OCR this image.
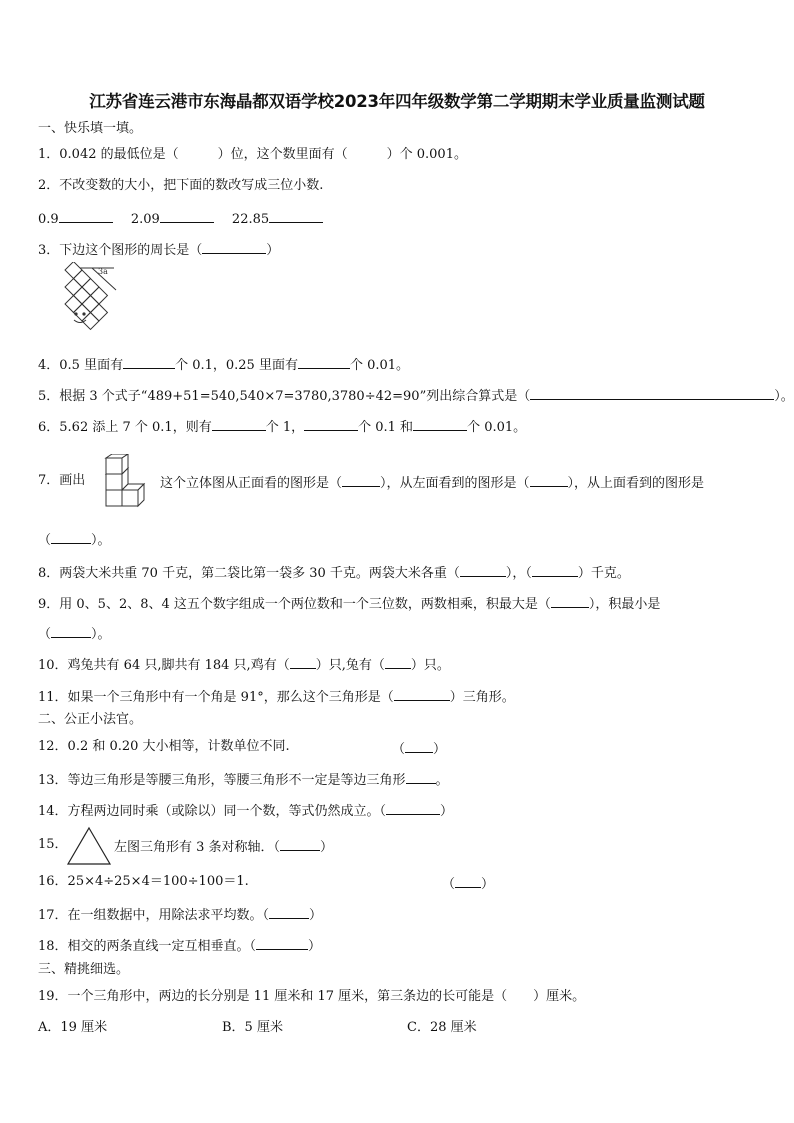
江苏省连云港市东海晶都双语学校2023年四年级数学第二学期期末学业质量监测试题
一、快乐填一填。
1．0.042 的最低位是（　　　）位，这个数里面有（　　　）个 0.001。
2．不改变数的大小，把下面的数改写成三位小数.
0.9	2.09	22.85
3．下边这个图形的周长是（	）
3a
4．0.5 里面有	个 0.1，0.25 里面有	个 0.01。
5．根据 3 个式子“489+51=540,540×7=3780,3780÷42=90”列出综合算式是（	）。
6．5.62 添上 7 个 0.1，则有	个 1，	个 0.1 和	个 0.01。
7．画出	这个立体图从正面看的图形是（	），从左面看到的图形是（	），从上面看到的图形是
（	）。
8．两袋大米共重 70 千克，第二袋比第一袋多 30 千克。两袋大米各重（	），（	）千克。
9．用 0、5、2、8、4 这五个数字组成一个两位数和一个三位数，两数相乘，积最大是（	），积最小是
（	）。
10．鸡兔共有 64 只,脚共有 184 只,鸡有（ ）只,兔有（ ）只。
11．如果一个三角形中有一个角是 91°，那么这个三角形是（	）三角形。
二、公正小法官。
12．0.2 和 0.20 大小相等，计数单位不同.	（ ）
13．等边三角形是等腰三角形，等腰三角形不一定是等边三角形 。
14．方程两边同时乘（或除以）同一个数，等式仍然成立。（	）
15．	左图三角形有 3 条对称轴．（	）
16．25×4÷25×4＝100÷100＝1.	（ ）
17．在一组数据中，用除法求平均数。（	）
18．相交的两条直线一定互相垂直。（	）
三、精挑细选。
19．一个三角形中，两边的长分别是 11 厘米和 17 厘米，第三条边的长可能是（　　）厘米。
A．19 厘米	B．5 厘米	C．28 厘米
